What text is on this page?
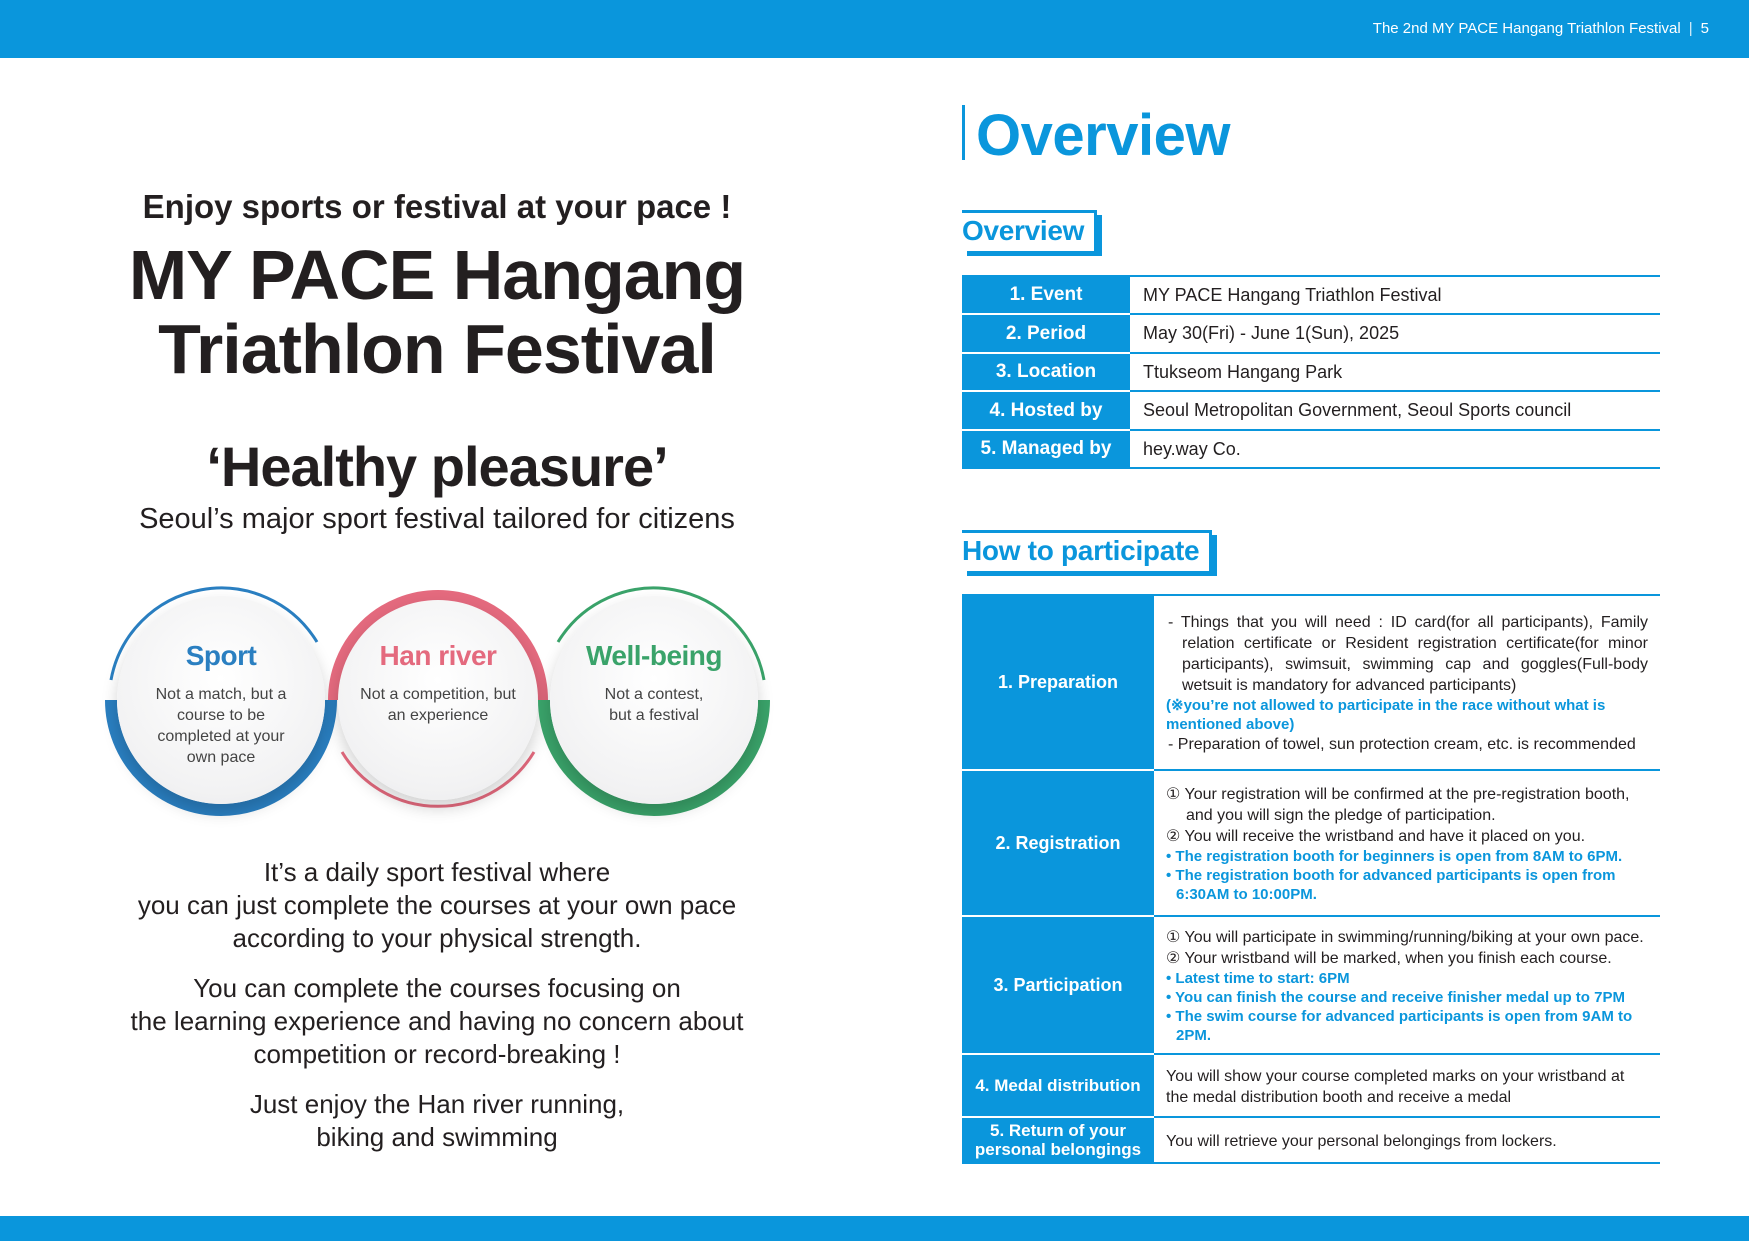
The 2nd MY PACE Hangang Triathlon Festival | 5
Enjoy sports or festival at your pace !
MY PACE Hangang
Triathlon Festival
‘Healthy pleasure’
Seoul’s major sport festival tailored for citizens
Sport
Not a match, but a course to be completed at your own pace
Han river
Not a competition, but an experience
Well-being
Not a contest, but a festival

It’s a daily sport festival where
you can just complete the courses at your own pace
according to your physical strength.

You can complete the courses focusing on
the learning experience and having no concern about
competition or record-breaking !

Just enjoy the Han river running,
biking and swimming

Overview
Overview
1. Event	MY PACE Hangang Triathlon Festival
2. Period	May 30(Fri) - June 1(Sun), 2025
3. Location	Ttukseom Hangang Park
4. Hosted by	Seoul Metropolitan Government, Seoul Sports council
5. Managed by	hey.way Co.
How to participate
1. Preparation	- Things that you will need : ID card(for all participants), Family relation certificate or Resident registration certificate(for minor participants), swimsuit, swimming cap and goggles(Full-body wetsuit is mandatory for advanced participants)
(※you’re not allowed to participate in the race without what is mentioned above)
- Preparation of towel, sun protection cream, etc. is recommended

2. Registration	① Your registration will be confirmed at the pre-registration booth, and you will sign the pledge of participation.
② You will receive the wristband and have it placed on you.
• The registration booth for beginners is open from 8AM to 6PM.
• The registration booth for advanced participants is open from 6:30AM to 10:00PM.

3. Participation	① You will participate in swimming/running/biking at your own pace.
② Your wristband will be marked, when you finish each course.
• Latest time to start: 6PM
• You can finish the course and receive finisher medal up to 7PM
• The swim course for advanced participants is open from 9AM to 2PM.

4. Medal distribution	You will show your course completed marks on your wristband at the medal distribution booth and receive a medal

5. Return of your
personal belongings	You will retrieve your personal belongings from lockers.
